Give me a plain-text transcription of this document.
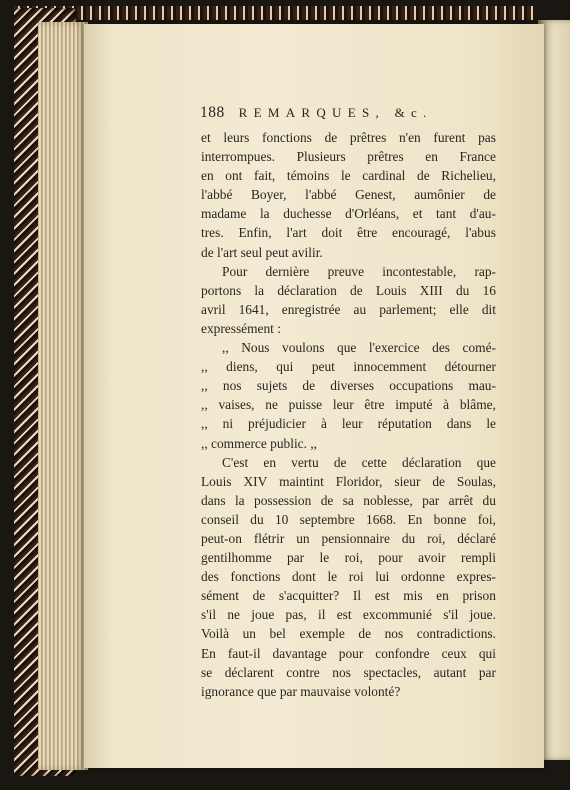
188 REMARQUES, &c.
et leurs fonctions de prêtres n'en furent pas
interrompues. Plusieurs prêtres en France
en ont fait, témoins le cardinal de Richelieu,
l'abbé Boyer, l'abbé Genest, aumônier de
madame la duchesse d'Orléans, et tant d'au-
tres. Enfin, l'art doit être encouragé, l'abus
de l'art seul peut avilir.
Pour dernière preuve incontestable, rap-
portons la déclaration de Louis XIII du 16
avril 1641, enregistrée au parlement; elle dit
expressément :
,, Nous voulons que l'exercice des comé-
,, diens, qui peut innocemment détourner
,, nos sujets de diverses occupations mau-
,, vaises, ne puisse leur être imputé à blâme,
,, ni préjudicier à leur réputation dans le
,, commerce public. ,,
C'est en vertu de cette déclaration que
Louis XIV maintint Floridor, sieur de Soulas,
dans la possession de sa noblesse, par arrêt du
conseil du 10 septembre 1668. En bonne foi,
peut-on flétrir un pensionnaire du roi, déclaré
gentilhomme par le roi, pour avoir rempli
des fonctions dont le roi lui ordonne expres-
sément de s'acquitter? Il est mis en prison
s'il ne joue pas, il est excommunié s'il joue.
Voilà un bel exemple de nos contradictions.
En faut-il davantage pour confondre ceux qui
se déclarent contre nos spectacles, autant par
ignorance que par mauvaise volonté?
